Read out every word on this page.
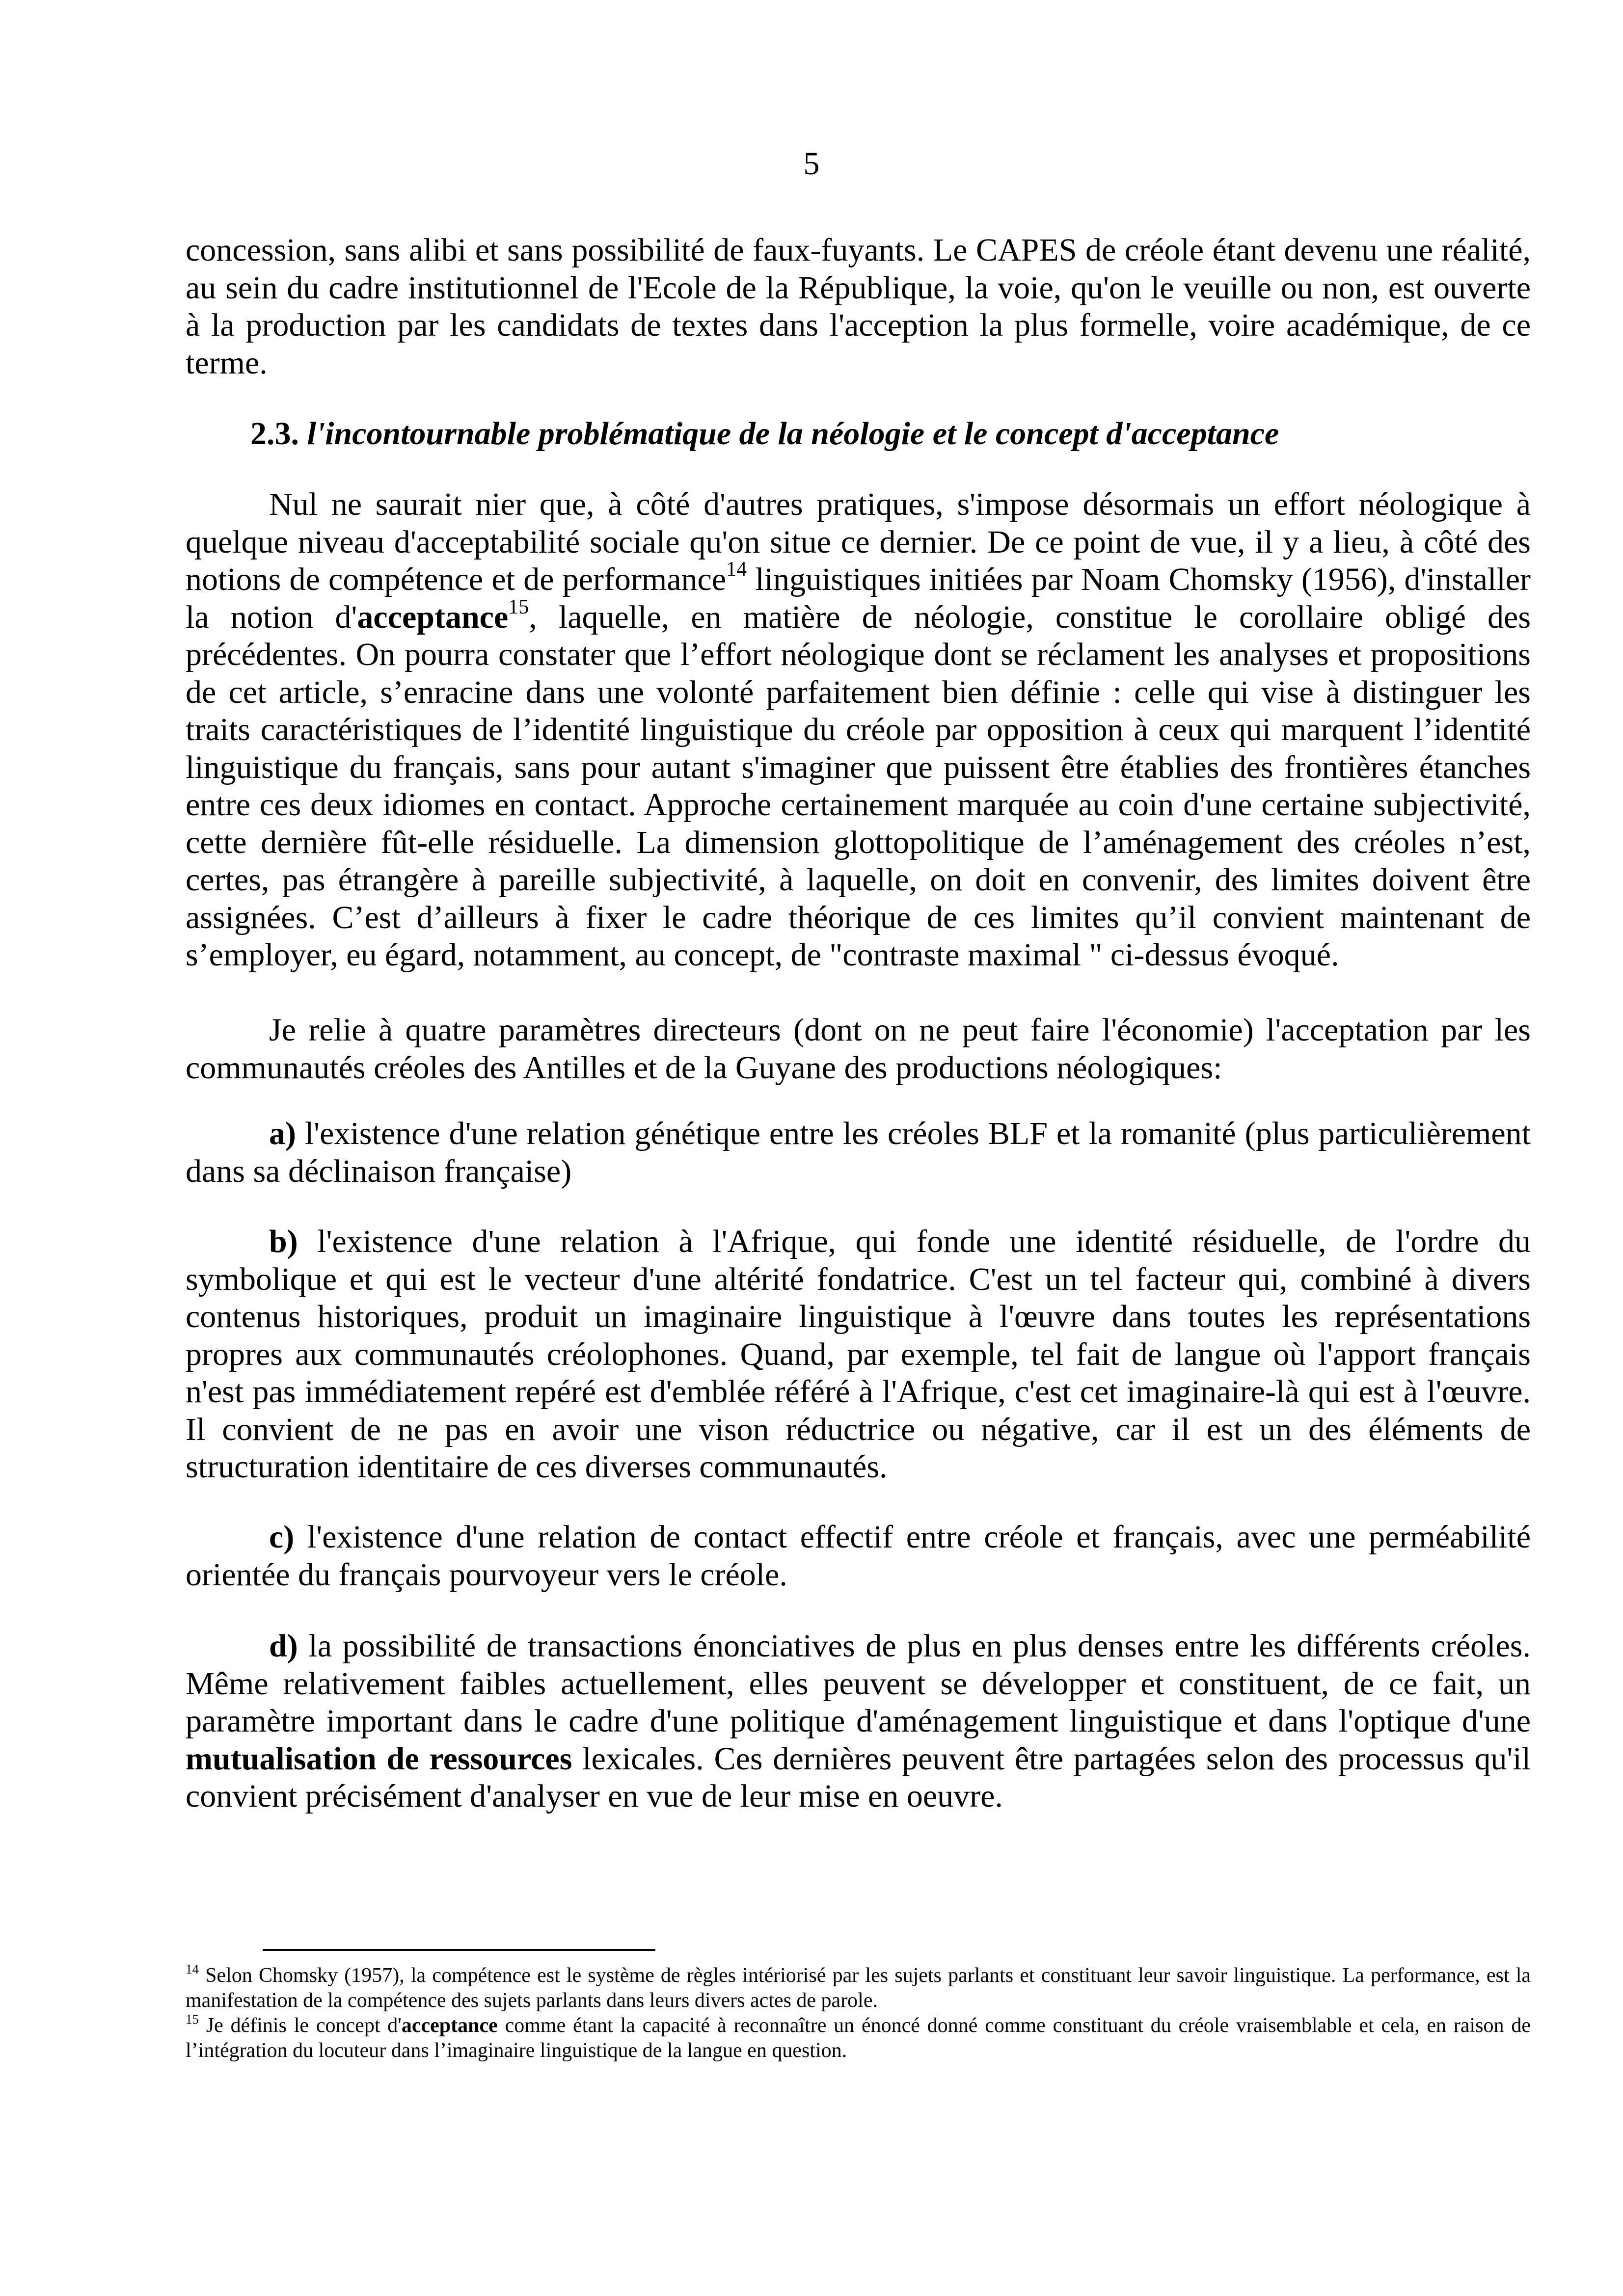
5

concession, sans alibi et sans possibilité de faux-fuyants. Le CAPES de créole étant devenu une réalité, au sein du cadre institutionnel de l'Ecole de la République, la voie, qu'on le veuille ou non, est ouverte à la production par les candidats de textes dans l'acception la plus formelle, voire académique, de ce terme.

2.3. l'incontournable problématique de la néologie et le concept d'acceptance

Nul ne saurait nier que, à côté d'autres pratiques, s'impose désormais un effort néologique à quelque niveau d'acceptabilité sociale qu'on situe ce dernier. De ce point de vue, il y a lieu, à côté des notions de compétence et de performance$^{14}$ linguistiques initiées par Noam Chomsky (1956), d'installer la notion d'acceptance$^{15}$, laquelle, en matière de néologie, constitue le corollaire obligé des précédentes. On pourra constater que l’effort néologique dont se réclament les analyses et propositions de cet article, s’enracine dans une volonté parfaitement bien définie : celle qui vise à distinguer les traits caractéristiques de l’identité linguistique du créole par opposition à ceux qui marquent l’identité linguistique du français, sans pour autant s'imaginer que puissent être établies des frontières étanches entre ces deux idiomes en contact. Approche certainement marquée au coin d'une certaine subjectivité, cette dernière fût-elle résiduelle. La dimension glottopolitique de l’aménagement des créoles n’est, certes, pas étrangère à pareille subjectivité, à laquelle, on doit en convenir, des limites doivent être assignées. C’est d’ailleurs à fixer le cadre théorique de ces limites qu’il convient maintenant de s’employer, eu égard, notamment, au concept, de "contraste maximal " ci-dessus évoqué.

Je relie à quatre paramètres directeurs (dont on ne peut faire l'économie) l'acceptation par les communautés créoles des Antilles et de la Guyane des productions néologiques:

a) l'existence d'une relation génétique entre les créoles BLF et la romanité (plus particulièrement dans sa déclinaison française)

b) l'existence d'une relation à l'Afrique, qui fonde une identité résiduelle, de l'ordre du symbolique et qui est le vecteur d'une altérité fondatrice. C'est un tel facteur qui, combiné à divers contenus historiques, produit un imaginaire linguistique à l'œuvre dans toutes les représentations propres aux communautés créolophones. Quand, par exemple, tel fait de langue où l'apport français n'est pas immédiatement repéré est d'emblée référé à l'Afrique, c'est cet imaginaire-là qui est à l'œuvre. Il convient de ne pas en avoir une vison réductrice ou négative, car il est un des éléments de structuration identitaire de ces diverses communautés.

c) l'existence d'une relation de contact effectif entre créole et français, avec une perméabilité orientée du français pourvoyeur vers le créole.

d) la possibilité de transactions énonciatives de plus en plus denses entre les différents créoles. Même relativement faibles actuellement, elles peuvent se développer et constituent, de ce fait, un paramètre important dans le cadre d'une politique d'aménagement linguistique et dans l'optique d'une mutualisation de ressources lexicales. Ces dernières peuvent être partagées selon des processus qu'il convient précisément d'analyser en vue de leur mise en oeuvre.

$^{14}$ Selon Chomsky (1957), la compétence est le système de règles intériorisé par les sujets parlants et constituant leur savoir linguistique. La performance, est la manifestation de la compétence des sujets parlants dans leurs divers actes de parole.

$^{15}$ Je définis le concept d'acceptance comme étant la capacité à reconnaître un énoncé donné comme constituant du créole vraisemblable et cela, en raison de l’intégration du locuteur dans l’imaginaire linguistique de la langue en question.
